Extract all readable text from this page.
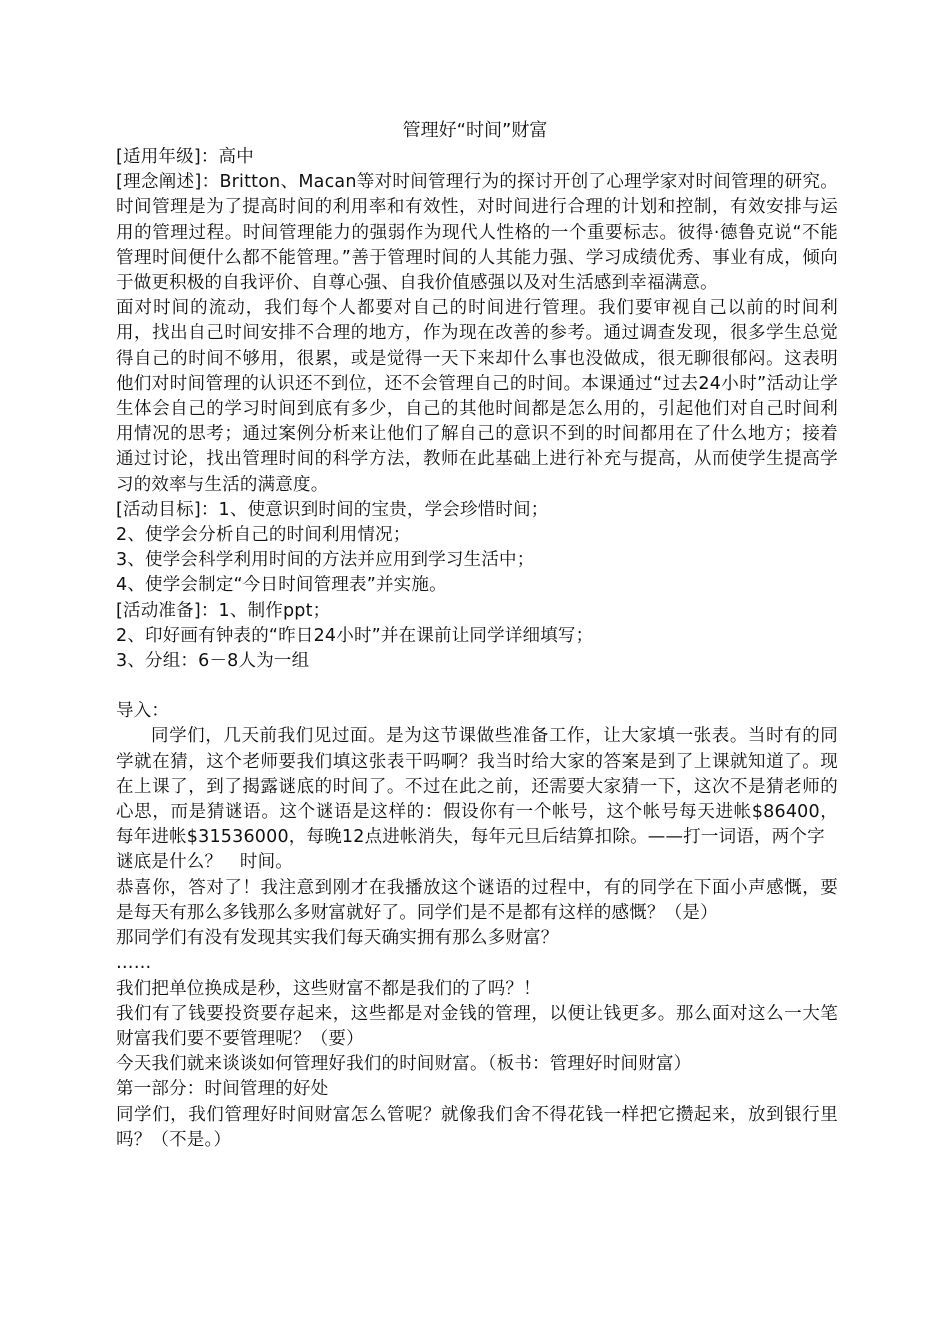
管理好“时间”财富

[适用年级]：高中

[理念阐述]：Britton、Macan等对时间管理行为的探讨开创了心理学家对时间管理的研究。时间管理是为了提高时间的利用率和有效性，对时间进行合理的计划和控制，有效安排与运用的管理过程。时间管理能力的强弱作为现代人性格的一个重要标志。彼得·德鲁克说“不能管理时间便什么都不能管理。”善于管理时间的人其能力强、学习成绩优秀、事业有成，倾向于做更积极的自我评价、自尊心强、自我价值感强以及对生活感到幸福满意。

面对时间的流动，我们每个人都要对自己的时间进行管理。我们要审视自己以前的时间利用，找出自己时间安排不合理的地方，作为现在改善的参考。通过调查发现，很多学生总觉得自己的时间不够用，很累，或是觉得一天下来却什么事也没做成，很无聊很郁闷。这表明他们对时间管理的认识还不到位，还不会管理自己的时间。本课通过“过去24小时”活动让学生体会自己的学习时间到底有多少，自己的其他时间都是怎么用的，引起他们对自己时间利用情况的思考；通过案例分析来让他们了解自己的意识不到的时间都用在了什么地方；接着通过讨论，找出管理时间的科学方法，教师在此基础上进行补充与提高，从而使学生提高学习的效率与生活的满意度。

[活动目标]：1、使意识到时间的宝贵，学会珍惜时间；

2、使学会分析自己的时间利用情况；

3、使学会科学利用时间的方法并应用到学习生活中；

4、使学会制定“今日时间管理表”并实施。

[活动准备]：1、制作ppt；

2、印好画有钟表的“昨日24小时”并在课前让同学详细填写；

3、分组：6－8人为一组

导入：

同学们，几天前我们见过面。是为这节课做些准备工作，让大家填一张表。当时有的同学就在猜，这个老师要我们填这张表干吗啊？我当时给大家的答案是到了上课就知道了。现在上课了，到了揭露谜底的时间了。不过在此之前，还需要大家猜一下，这次不是猜老师的心思，而是猜谜语。这个谜语是这样的：假设你有一个帐号，这个帐号每天进帐$86400，每年进帐$31536000，每晚12点进帐消失，每年元旦后结算扣除。——打一词语，两个字

谜底是什么？　时间。

恭喜你，答对了！我注意到刚才在我播放这个谜语的过程中，有的同学在下面小声感慨，要是每天有那么多钱那么多财富就好了。同学们是不是都有这样的感慨？（是）

那同学们有没有发现其实我们每天确实拥有那么多财富？

……

我们把单位换成是秒，这些财富不都是我们的了吗？！

我们有了钱要投资要存起来，这些都是对金钱的管理，以便让钱更多。那么面对这么一大笔财富我们要不要管理呢？（要）

今天我们就来谈谈如何管理好我们的时间财富。（板书：管理好时间财富）

第一部分：时间管理的好处

同学们，我们管理好时间财富怎么管呢？就像我们舍不得花钱一样把它攒起来，放到银行里吗？（不是。）
